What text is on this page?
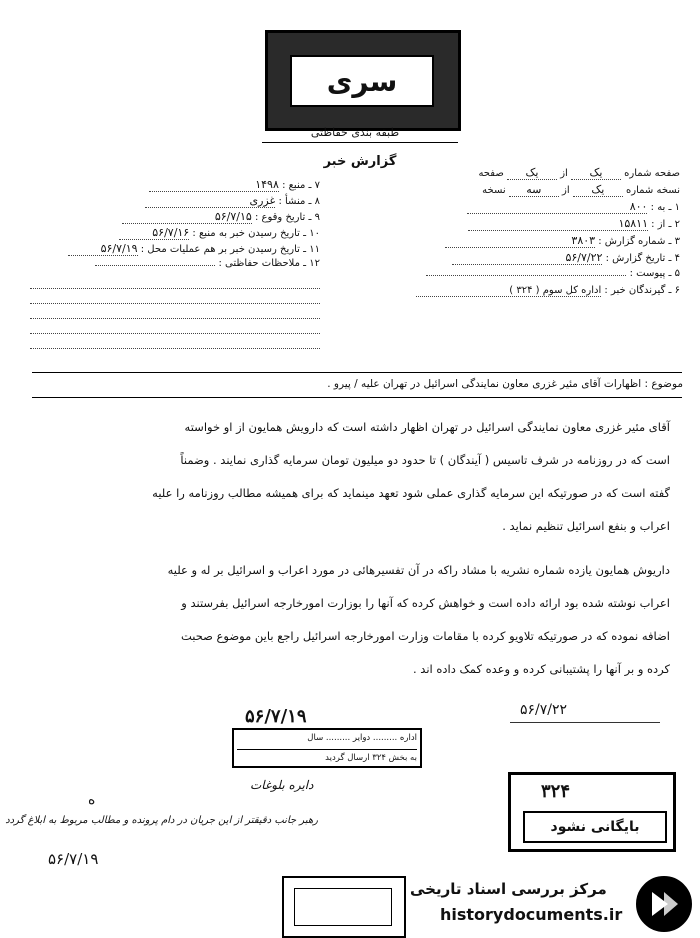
سری
طبقه بندی حفاظتی
گزارش خبر
۷ ـ منبع : ۱۴۹۸
۸ ـ منشأ : غزری
۹ ـ تاریخ وقوع : ۵۶/۷/۱۵
۱۰ ـ تاریخ رسیدن خبر به منبع : ۵۶/۷/۱۶
۱۱ ـ تاریخ رسیدن خبر بر هم عملیات محل : ۵۶/۷/۱۹
۱۲ ـ ملاحظات حفاظتی :
صفحه شماره یک از یک صفحه
نسخه شماره یک از سه نسخه
۱ ـ به : ۸۰۰
۲ ـ از : ۱۵۸۱۱
۳ ـ شماره گزارش : ۳۸۰۳
۴ ـ تاریخ گزارش : ۵۶/۷/۲۲
۵ ـ پیوست :
۶ ـ گیرندگان خبر : اداره کل سوم ( ۳۲۴ )
موضوع : اظهارات آقای مئیر غزری معاون نمایندگی اسرائیل در تهران علیه / پیرو .
آقای مئیر غزری معاون نمایندگی اسرائیل در تهران اظهار داشته است که دارویش همایون از او خواسته
است که در روزنامه در شرف تاسیس ( آیندگان ) تا حدود دو میلیون تومان سرمایه گذاری نمایند . وضمناً
گفته است که در صورتیکه این سرمایه گذاری عملی شود تعهد مینماید که برای همیشه مطالب روزنامه را علیه
اعراب و بنفع اسرائیل تنظیم نماید .
داریوش همایون یازده شماره نشریه با مشاد راکه در آن تفسیرهائی در مورد اعراب و اسرائیل بر له و علیه
اعراب نوشته شده بود ارائه داده است و خواهش کرده که آنها را بوزارت امورخارجه اسرائیل بفرستند و
اضافه نموده که در صورتیکه تلاویو کرده با مقامات وزارت امورخارجه اسرائیل راجع باین موضوع صحبت
کرده و بر آنها را پشتیبانی کرده و وعده کمک داده اند .
۵۶/۷/۲۲
۵۶/۷/۱۹
اداره ......... دوایر ......... سال
به بخش ۳۲۴ ارسال گردید
دایره بلوغات
رهبر جانب دقیقتر از این جریان در دام پرونده و مطالب مربوط به ابلاغ گردد
ﻩ
۵۶/۷/۱۹
۳۲۴
بایگانی نشود
مرکز بررسی اسناد تاریخی
historydocuments.ir
